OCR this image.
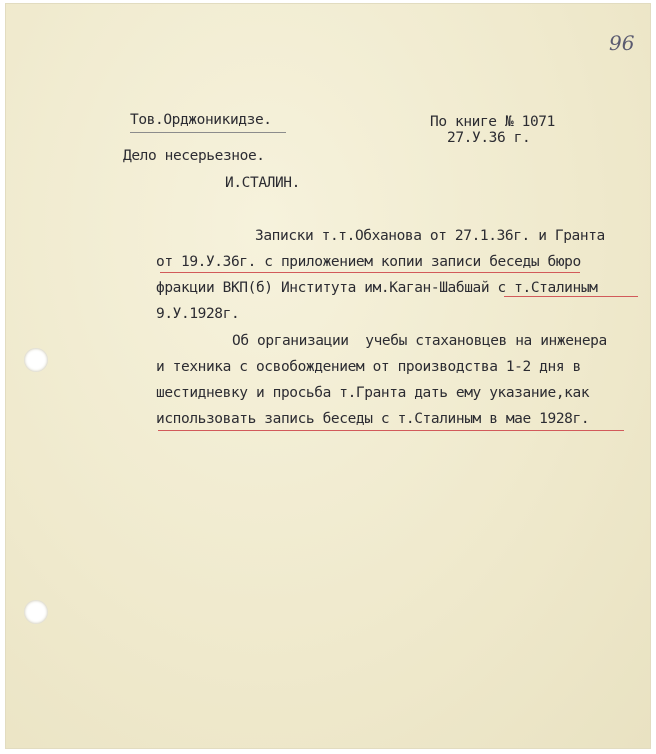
96

Тов.Орджоникидзе.	По книге № 1071

27.У.36 г.

Дело несерьезное.

И.СТАЛИН.

Записки т.т.Обханова от 27.1.36г. и Гранта

от 19.У.36г. с приложением копии записи беседы бюро

фракции ВКП(б) Института им.Каган-Шабшай с т.Сталиным

9.У.1928г.

Об организации  учебы стахановцев на инженера

и техника с освобождением от производства 1-2 дня в

шестидневку и просьба т.Гранта дать ему указание,как

использовать запись беседы с т.Сталиным в мае 1928г.
